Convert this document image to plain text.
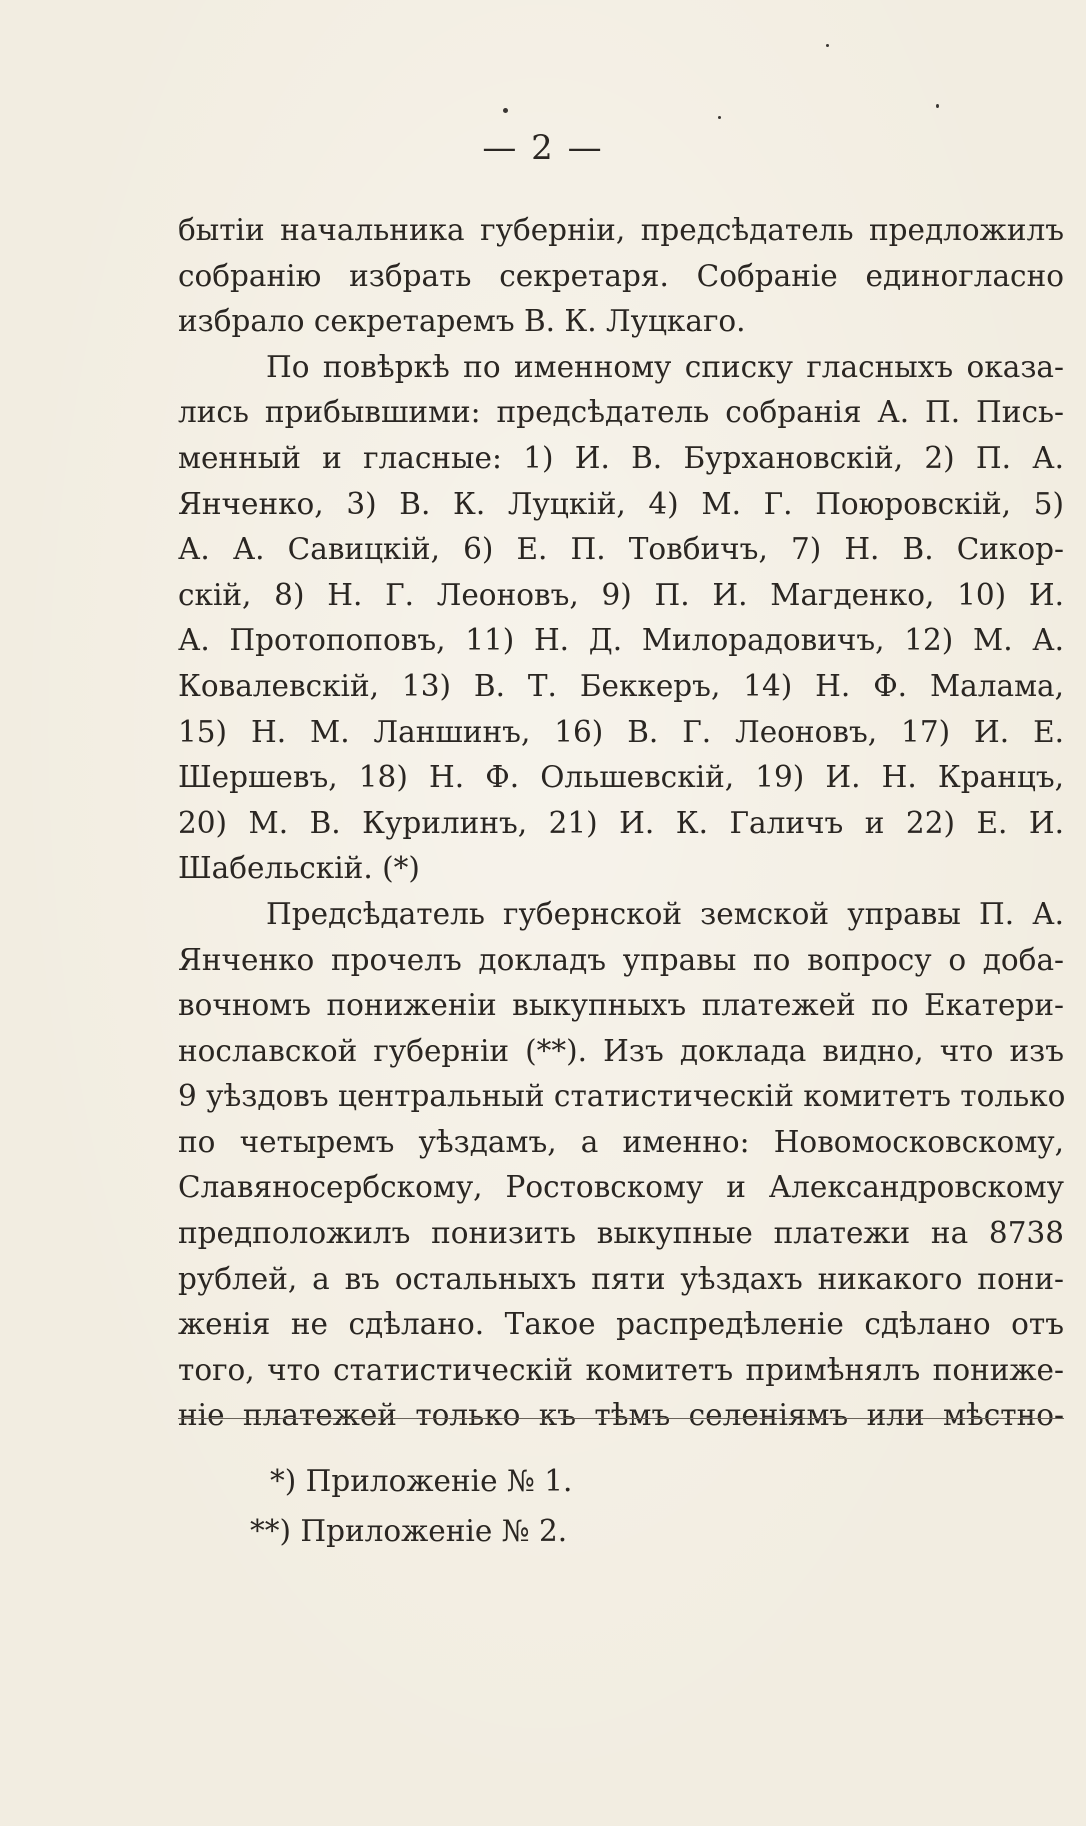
— 2 —
бытіи начальника губерніи, предсѣдатель предложилъ
собранію избрать секретаря. Собраніе единогласно
избрало секретаремъ В. К. Луцкаго.
По повѣркѣ по именному списку гласныхъ оказа-
лись прибывшими: предсѣдатель собранія А. П. Пись-
менный и гласные: 1) И. В. Бурхановскій, 2) П. А.
Янченко, 3) В. К. Луцкій, 4) М. Г. Поюровскій, 5)
А. А. Савицкій, 6) Е. П. Товбичъ, 7) Н. В. Сикор-
скій, 8) Н. Г. Леоновъ, 9) П. И. Магденко, 10) И.
А. Протопоповъ, 11) Н. Д. Милорадовичъ, 12) М. А.
Ковалевскій, 13) В. Т. Беккеръ, 14) Н. Ф. Малама,
15) Н. М. Ланшинъ, 16) В. Г. Леоновъ, 17) И. Е.
Шершевъ, 18) Н. Ф. Ольшевскій, 19) И. Н. Кранцъ,
20) М. В. Курилинъ, 21) И. К. Галичъ и 22) Е. И.
Шабельскій. (*)
Предсѣдатель губернской земской управы П. А.
Янченко прочелъ докладъ управы по вопросу о доба-
вочномъ пониженіи выкупныхъ платежей по Екатери-
нославской губерніи (**). Изъ доклада видно, что изъ
9 уѣздовъ центральный статистическій комитетъ только
по четыремъ уѣздамъ, а именно: Новомосковскому,
Славяносербскому, Ростовскому и Александровскому
предположилъ понизить выкупные платежи на 8738
рублей, а въ остальныхъ пяти уѣздахъ никакого пони-
женія не сдѣлано. Такое распредѣленіе сдѣлано отъ
того, что статистическій комитетъ примѣнялъ пониже-
ніе платежей только къ тѣмъ селеніямъ или мѣстно-
*) Приложеніе № 1.
**) Приложеніе № 2.
